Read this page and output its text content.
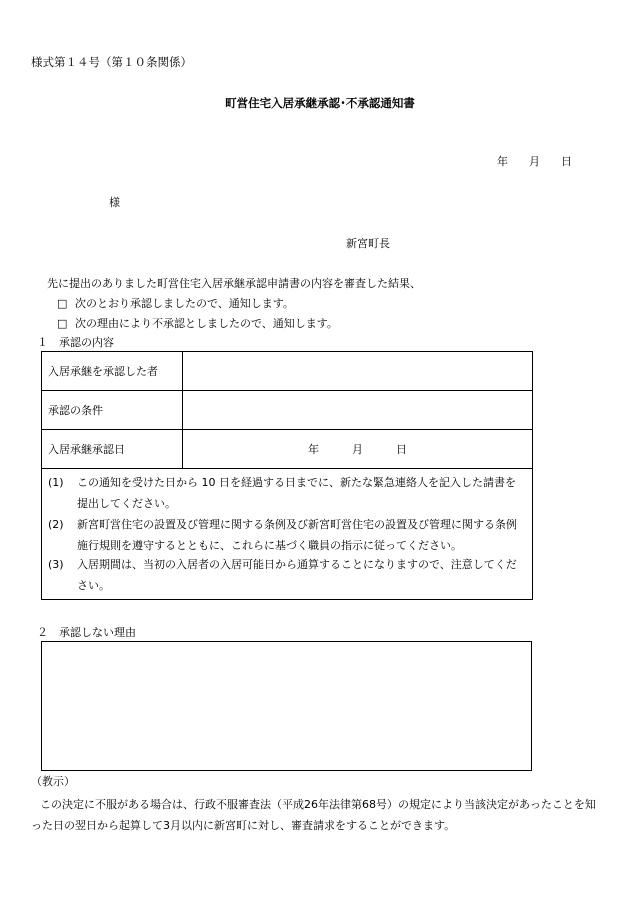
様式第１４号（第１０条関係）
町営住宅入居承継承認･不承認通知書
年 月 日
様
新宮町長
先に提出のありました町営住宅入居承継承認申請書の内容を審査した結果、
□ 次のとおり承認しましたので、通知します。
□ 次の理由により不承認としましたので、通知します。
１　承認の内容
入居承継を承認した者	
承認の条件	
入居承継承認日	年　　　月　　　日
(1) この通知を受けた日から 10 日を経過する日までに、新たな緊急連絡人を記入した請書を提出してください。
(2) 新宮町営住宅の設置及び管理に関する条例及び新宮町営住宅の設置及び管理に関する条例施行規則を遵守するとともに、これらに基づく職員の指示に従ってください。
(3) 入居期間は、当初の入居者の入居可能日から通算することになりますので、注意してください。
２　承認しない理由
（教示）
この決定に不服がある場合は、行政不服審査法（平成26年法律第68号）の規定により当該決定があったことを知った日の翌日から起算して3月以内に新宮町に対し、審査請求をすることができます。
